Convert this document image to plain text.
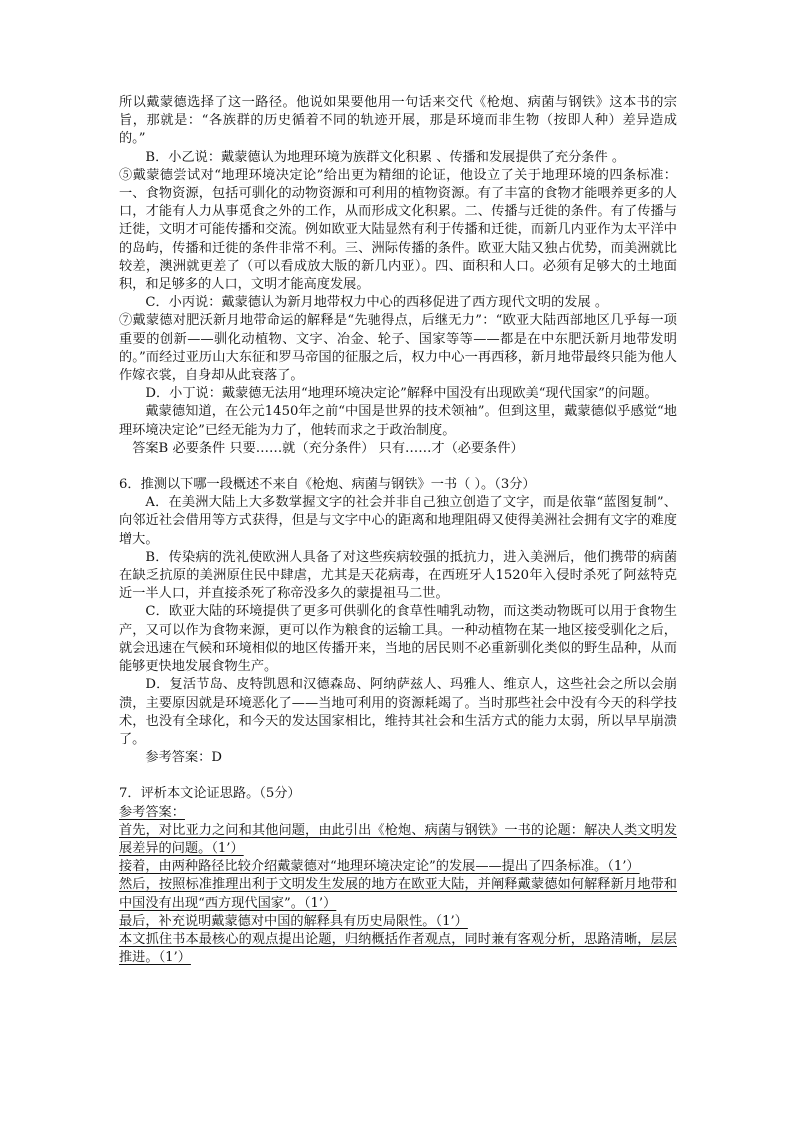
所以戴蒙德选择了这一路径。他说如果要他用一句话来交代《枪炮、病菌与钢铁》这本书的宗旨，那就是：“各族群的历史循着不同的轨迹开展，那是环境而非生物（按即人种）差异造成的。”

B．小乙说：戴蒙德认为地理环境为族群文化积累 、传播和发展提供了充分条件 。

⑤戴蒙德尝试对“地理环境决定论”给出更为精细的论证，他设立了关于地理环境的四条标准：一、食物资源，包括可驯化的动物资源和可利用的植物资源。有了丰富的食物才能喂养更多的人口，才能有人力从事觅食之外的工作，从而形成文化积累。二、传播与迁徙的条件。有了传播与迁徙，文明才可能传播和交流。例如欧亚大陆显然有利于传播和迁徙，而新几内亚作为太平洋中的岛屿，传播和迁徙的条件非常不利。三、洲际传播的条件。欧亚大陆又独占优势，而美洲就比较差，澳洲就更差了（可以看成放大版的新几内亚）。四、面积和人口。必须有足够大的土地面积，和足够多的人口，文明才能高度发展。

C．小丙说：戴蒙德认为新月地带权力中心的西移促进了西方现代文明的发展 。

⑦戴蒙德对肥沃新月地带命运的解释是“先驰得点，后继无力”：“欧亚大陆西部地区几乎每一项重要的创新——驯化动植物、文字、冶金、轮子、国家等等——都是在中东肥沃新月地带发明的。”而经过亚历山大东征和罗马帝国的征服之后，权力中心一再西移，新月地带最终只能为他人作嫁衣裳，自身却从此衰落了。

D．小丁说：戴蒙德无法用“地理环境决定论”解释中国没有出现欧美“现代国家”的问题。

戴蒙德知道，在公元1450年之前“中国是世界的技术领袖”。但到这里，戴蒙德似乎感觉“地理环境决定论”已经无能为力了，他转而求之于政治制度。

答案B 必要条件 只要……就（充分条件） 只有……才（必要条件）

6．推测以下哪一段概述不来自《枪炮、病菌与钢铁》一书（ ）。（3分）

A．在美洲大陆上大多数掌握文字的社会并非自己独立创造了文字，而是依靠“蓝图复制”、向邻近社会借用等方式获得，但是与文字中心的距离和地理阻碍又使得美洲社会拥有文字的难度增大。

B．传染病的洗礼使欧洲人具备了对这些疾病较强的抵抗力，进入美洲后，他们携带的病菌在缺乏抗原的美洲原住民中肆虐，尤其是天花病毒，在西班牙人1520年入侵时杀死了阿兹特克近一半人口，并直接杀死了称帝没多久的蒙提祖马二世。

C．欧亚大陆的环境提供了更多可供驯化的食草性哺乳动物，而这类动物既可以用于食物生产，又可以作为食物来源，更可以作为粮食的运输工具。一种动植物在某一地区接受驯化之后，就会迅速在气候和环境相似的地区传播开来，当地的居民则不必重新驯化类似的野生品种，从而能够更快地发展食物生产。

D．复活节岛、皮特凯恩和汉德森岛、阿纳萨兹人、玛雅人、维京人，这些社会之所以会崩溃，主要原因就是环境恶化了——当地可利用的资源耗竭了。当时那些社会中没有今天的科学技术，也没有全球化，和今天的发达国家相比，维持其社会和生活方式的能力太弱，所以早早崩溃了。

参考答案：D

7．评析本文论证思路。（5分）

参考答案：

首先，对比亚力之问和其他问题，由此引出《枪炮、病菌与钢铁》一书的论题：解决人类文明发展差异的问题。（1’）

接着，由两种路径比较介绍戴蒙德对“地理环境决定论”的发展——提出了四条标准。（1’）

然后，按照标准推理出利于文明发生发展的地方在欧亚大陆，并阐释戴蒙德如何解释新月地带和中国没有出现“西方现代国家”。（1’）

最后，补充说明戴蒙德对中国的解释具有历史局限性。（1’）

本文抓住书本最核心的观点提出论题，归纳概括作者观点，同时兼有客观分析，思路清晰，层层推进。（1’）
